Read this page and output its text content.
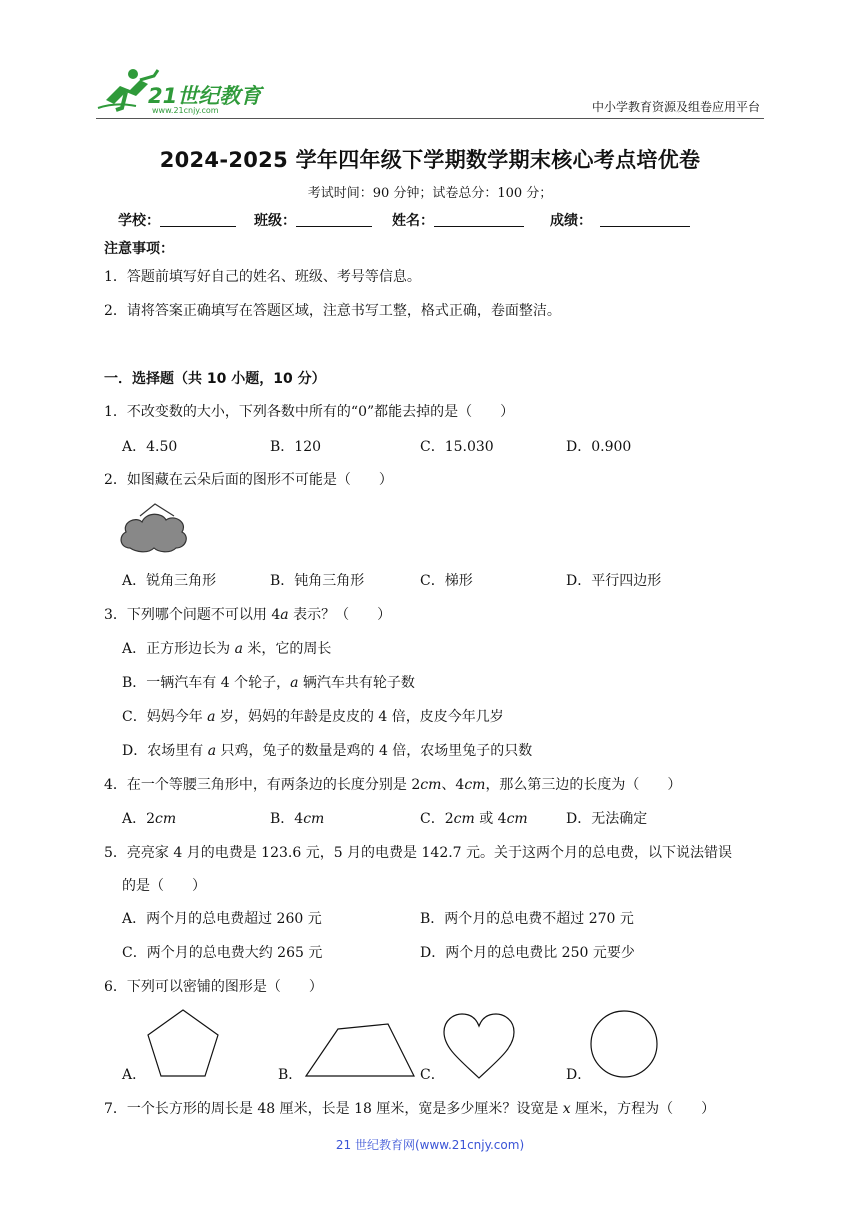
21世纪教育
www.21cnjy.com	中小学教育资源及组卷应用平台
2024-2025 学年四年级下学期数学期末核心考点培优卷
考试时间：90 分钟；试卷总分：100 分；
学校：	班级：	姓名：	成绩：
注意事项：
1．答题前填写好自己的姓名、班级、考号等信息。
2．请将答案正确填写在答题区域，注意书写工整，格式正确，卷面整洁。
一．选择题（共 10 小题，10 分）
1．不改变数的大小，下列各数中所有的“0”都能去掉的是（　　）
A．4.50	B．120	C．15.030	D．0.900
2．如图藏在云朵后面的图形不可能是（　　）
A．锐角三角形	B．钝角三角形	C．梯形	D．平行四边形
3．下列哪个问题不可以用 4a 表示？（　　）
A．正方形边长为 a 米，它的周长
B．一辆汽车有 4 个轮子，a 辆汽车共有轮子数
C．妈妈今年 a 岁，妈妈的年龄是皮皮的 4 倍，皮皮今年几岁
D．农场里有 a 只鸡，兔子的数量是鸡的 4 倍，农场里兔子的只数
4．在一个等腰三角形中，有两条边的长度分别是 2cm、4cm，那么第三边的长度为（　　）
A．2cm	B．4cm	C．2cm 或 4cm	D．无法确定
5．亮亮家 4 月的电费是 123.6 元，5 月的电费是 142.7 元。关于这两个月的总电费，以下说法错误
的是（　　）
A．两个月的总电费超过 260 元	B．两个月的总电费不超过 270 元
C．两个月的总电费大约 265 元	D．两个月的总电费比 250 元要少
6．下列可以密铺的图形是（　　）
A．	B．	C．	D．
7．一个长方形的周长是 48 厘米，长是 18 厘米，宽是多少厘米？设宽是 x 厘米，方程为（　　）
21 世纪教育网(www.21cnjy.com)
